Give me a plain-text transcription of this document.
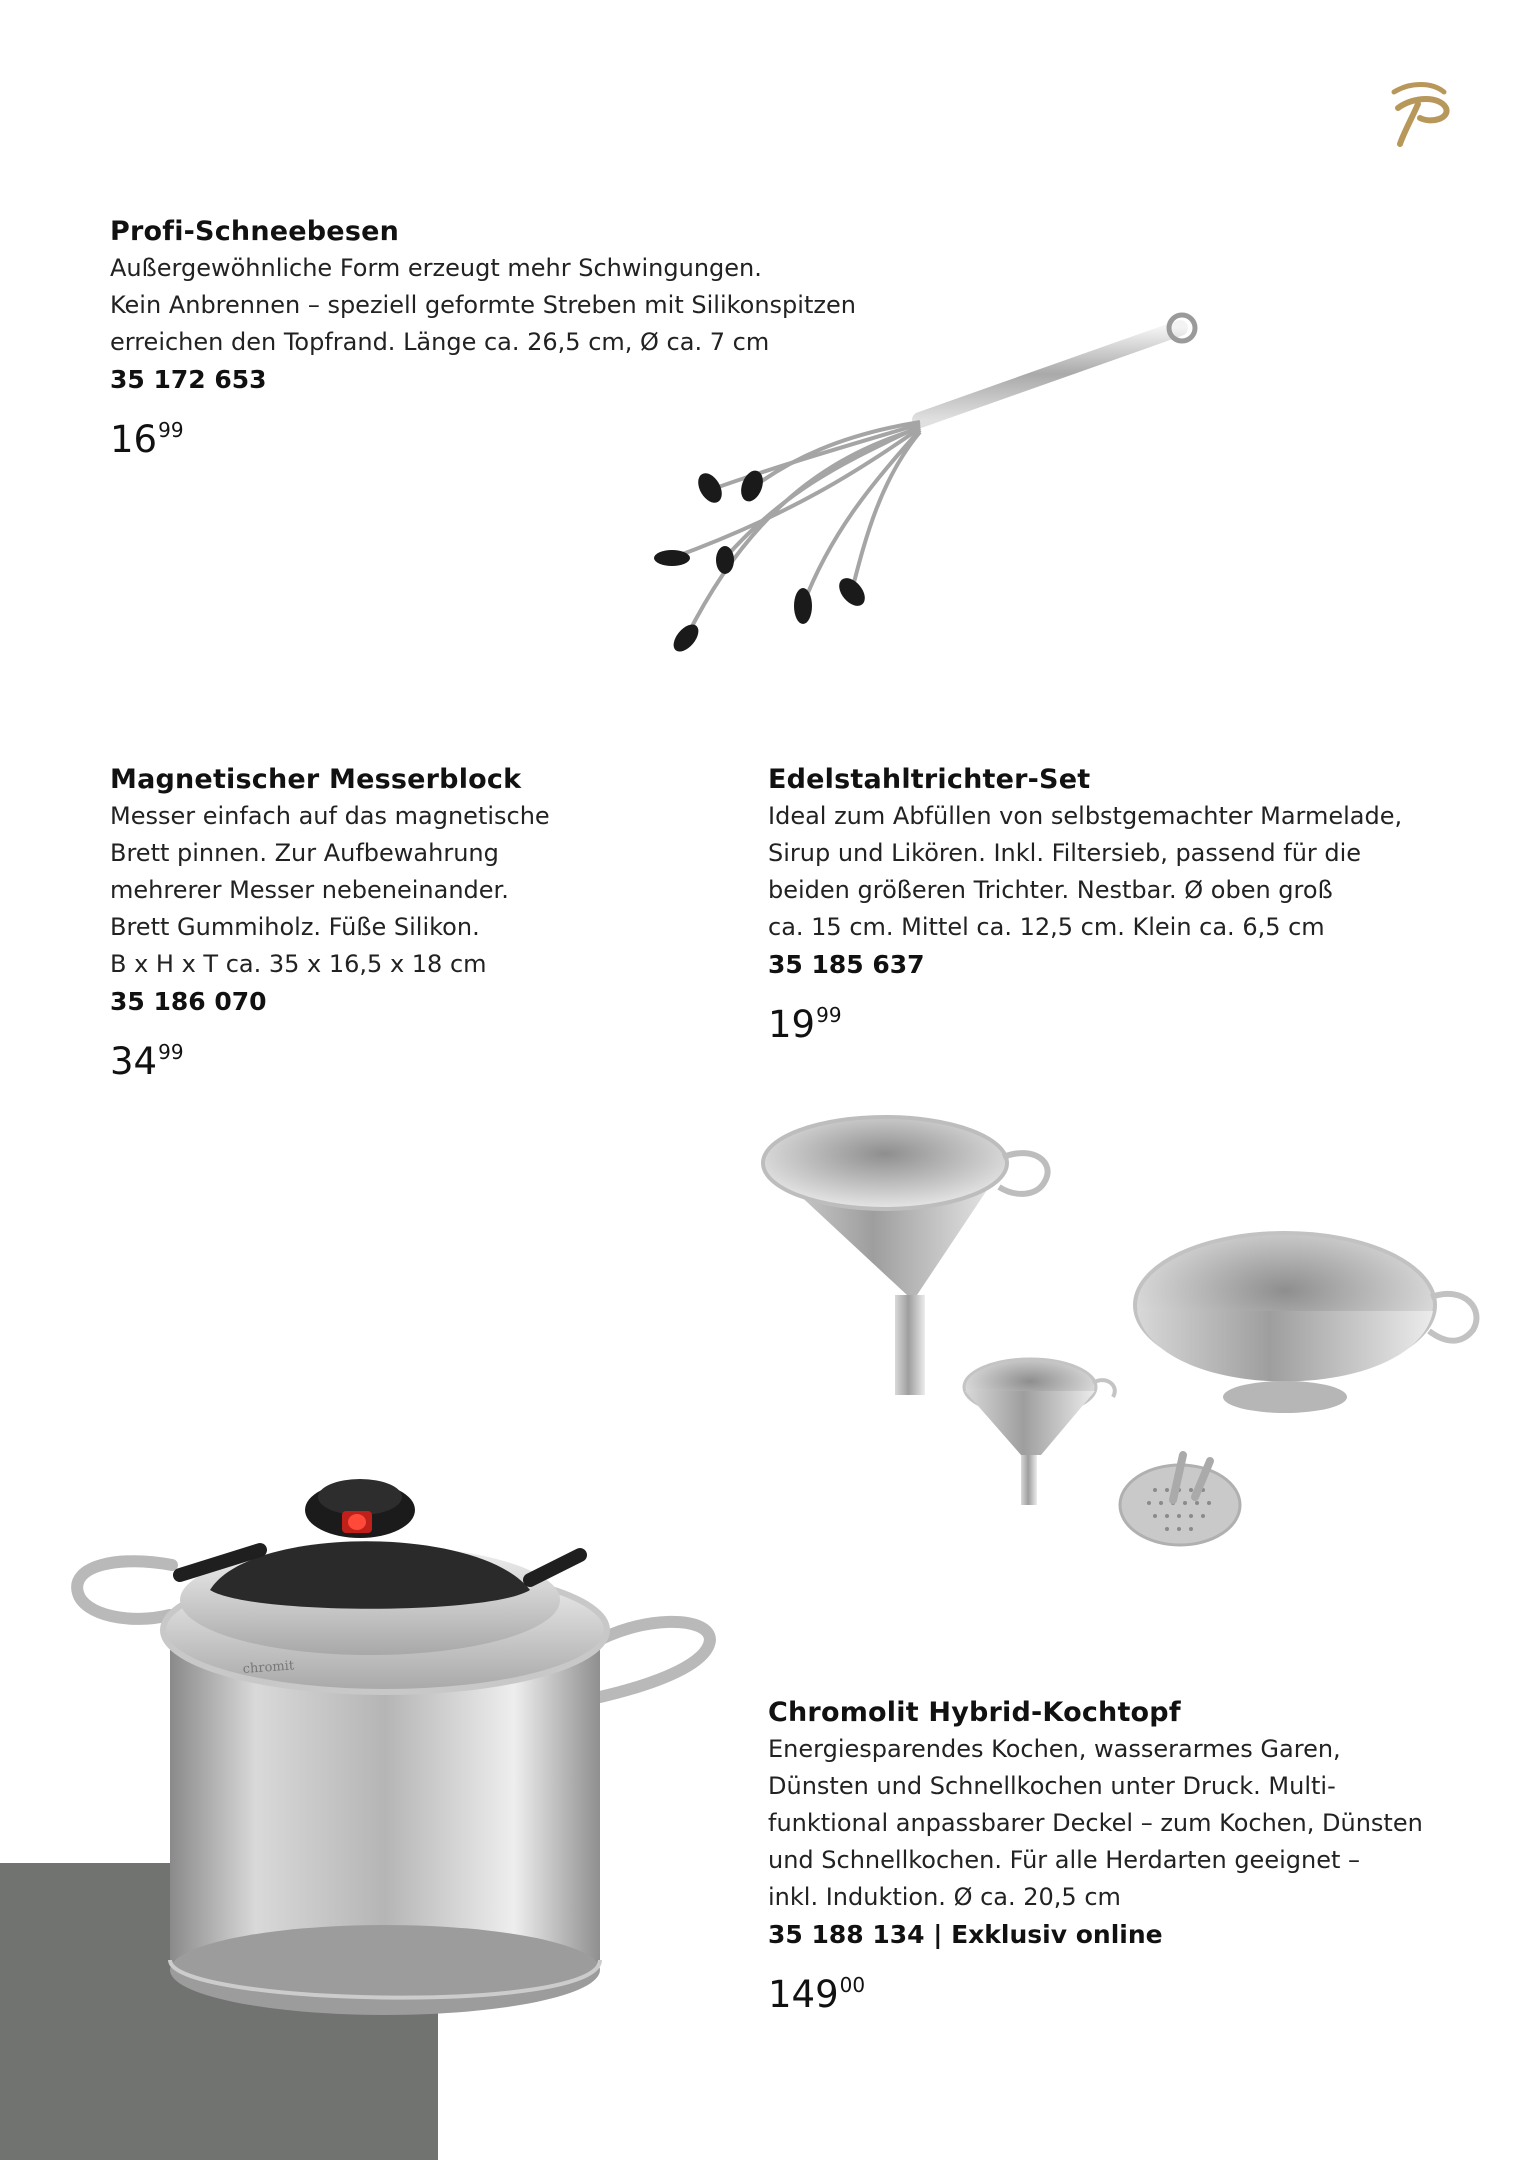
Profi-Schneebesen
Außergewöhnliche Form erzeugt mehr Schwingungen.
Kein Anbrennen – speziell geformte Streben mit Silikonspitzen
erreichen den Topfrand. Länge ca. 26,5 cm, Ø ca. 7 cm
35 172 653
$16^{99}$
Magnetischer Messerblock
Messer einfach auf das magnetische
Brett pinnen. Zur Aufbewahrung
mehrerer Messer nebeneinander.
Brett Gummiholz. Füße Silikon.
B x H x T ca. 35 x 16,5 x 18 cm
35 186 070
$34^{99}$
Edelstahltrichter-Set
Ideal zum Abfüllen von selbstgemachter Marmelade,
Sirup und Likören. Inkl. Filtersieb, passend für die
beiden größeren Trichter. Nestbar. Ø oben groß
ca. 15 cm. Mittel ca. 12,5 cm. Klein ca. 6,5 cm
35 185 637
$19^{99}$
chromit
Chromolit Hybrid-Kochtopf
Energiesparendes Kochen, wasserarmes Garen,
Dünsten und Schnellkochen unter Druck. Multi-
funktional anpassbarer Deckel – zum Kochen, Dünsten
und Schnellkochen. Für alle Herdarten geeignet –
inkl. Induktion. Ø ca. 20,5 cm
35 188 134 | Exklusiv online
$149^{00}$
